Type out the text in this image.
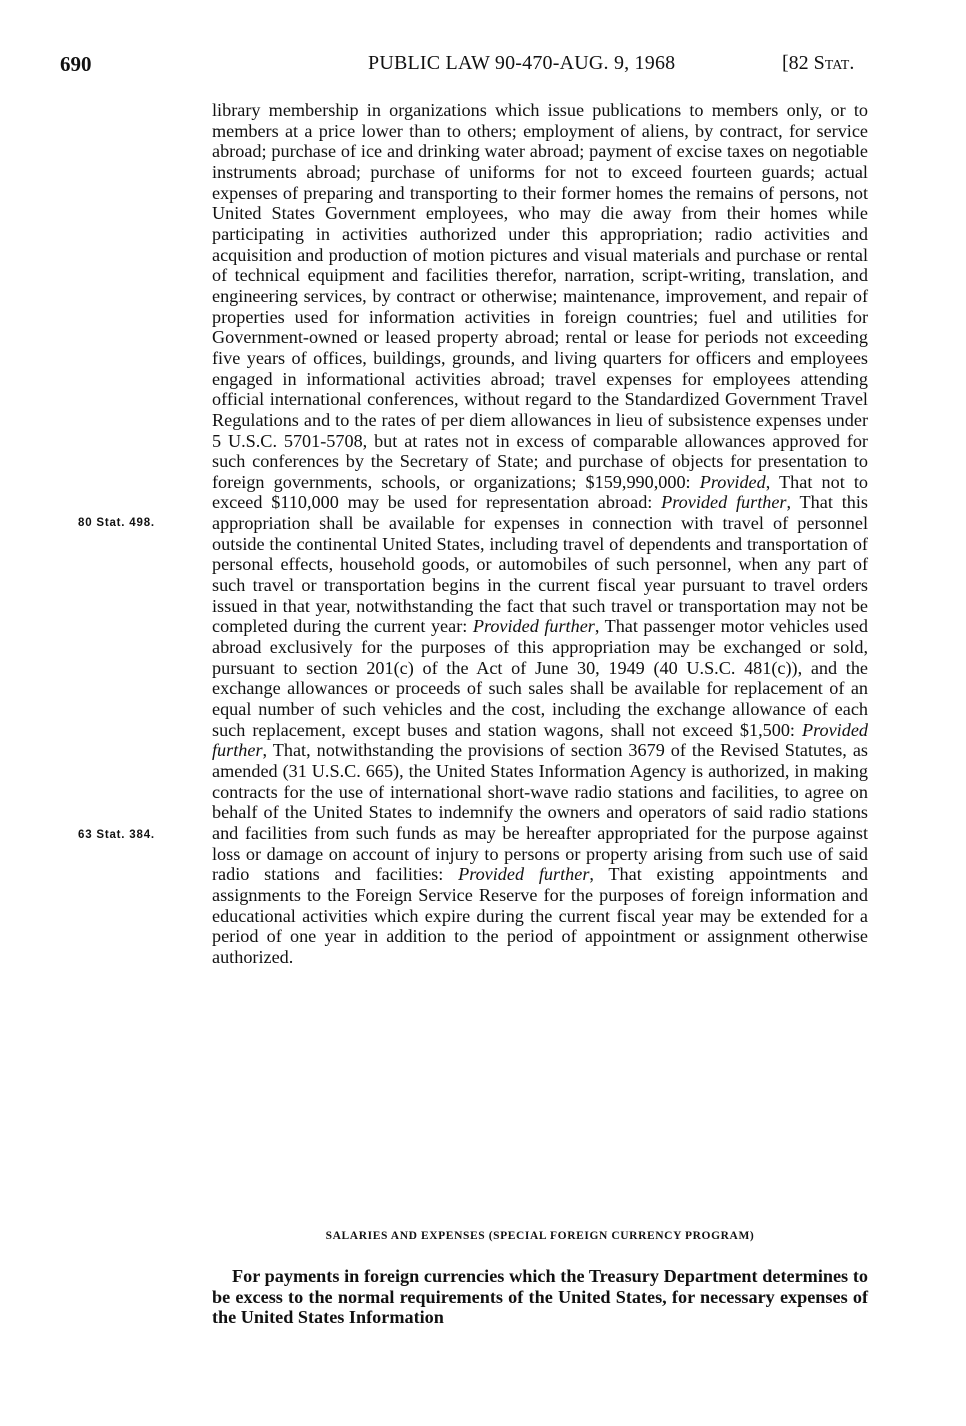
690	PUBLIC LAW 90-470-AUG. 9, 1968	[82 Stat.
80 Stat. 498.
63 Stat. 384.

library membership in organizations which issue publications to members only, or to members at a price lower than to others; employment of aliens, by contract, for service abroad; purchase of ice and drinking water abroad; payment of excise taxes on negotiable instruments abroad; purchase of uniforms for not to exceed fourteen guards; actual expenses of preparing and transporting to their former homes the remains of persons, not United States Government employees, who may die away from their homes while participating in activities authorized under this appropriation; radio activities and acquisition and production of motion pictures and visual materials and purchase or rental of technical equipment and facilities therefor, narration, script-writing, translation, and engineering services, by contract or otherwise; maintenance, improvement, and repair of properties used for information activities in foreign countries; fuel and utilities for Government-owned or leased property abroad; rental or lease for periods not exceeding five years of offices, buildings, grounds, and living quarters for officers and employees engaged in informational activities abroad; travel expenses for employees attending official international conferences, without regard to the Standardized Government Travel Regulations and to the rates of per diem allowances in lieu of subsistence expenses under 5 U.S.C. 5701-5708, but at rates not in excess of comparable allowances approved for such conferences by the Secretary of State; and purchase of objects for presentation to foreign governments, schools, or organizations; $159,990,000: Provided, That not to exceed $110,000 may be used for representation abroad: Provided further, That this appropriation shall be available for expenses in connection with travel of personnel outside the continental United States, including travel of dependents and transportation of personal effects, household goods, or automobiles of such personnel, when any part of such travel or transportation begins in the current fiscal year pursuant to travel orders issued in that year, notwithstanding the fact that such travel or transportation may not be completed during the current year: Provided further, That passenger motor vehicles used abroad exclusively for the purposes of this appropriation may be exchanged or sold, pursuant to section 201(c) of the Act of June 30, 1949 (40 U.S.C. 481(c)), and the exchange allowances or proceeds of such sales shall be available for replacement of an equal number of such vehicles and the cost, including the exchange allowance of each such replacement, except buses and station wagons, shall not exceed $1,500: Provided further, That, notwithstanding the provisions of section 3679 of the Revised Statutes, as amended (31 U.S.C. 665), the United States Information Agency is authorized, in making contracts for the use of international short-wave radio stations and facilities, to agree on behalf of the United States to indemnify the owners and operators of said radio stations and facilities from such funds as may be hereafter appropriated for the purpose against loss or damage on account of injury to persons or property arising from such use of said radio stations and facilities: Provided further, That existing appointments and assignments to the Foreign Service Reserve for the purposes of foreign information and educational activities which expire during the current fiscal year may be extended for a period of one year in addition to the period of appointment or assignment otherwise authorized.

SALARIES AND EXPENSES (SPECIAL FOREIGN CURRENCY PROGRAM)

For payments in foreign currencies which the Treasury Department determines to be excess to the normal requirements of the United States, for necessary expenses of the United States Information
